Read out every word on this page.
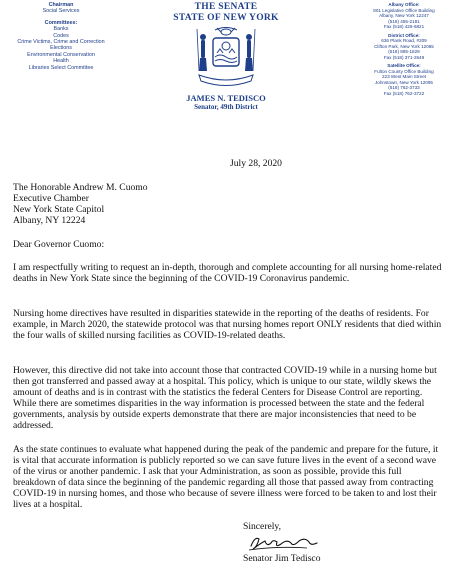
Chairman
Social Services
Committees:
Banks
Codes
Crime Victims, Crime and Correction
Elections
Environmental Conservation
Health
Libraries Select Committee
THE SENATE
STATE OF NEW YORK
JAMES N. TEDISCO
Senator, 49th District
Albany Office:
801 Legislative Office Building
Albany, New York 12247
(518) 455-2181
Fax (518) 426-6821
District Office:
636 Plank Road, #209
Clifton Park, New York 12065
(518) 885-1829
Fax (518) 371-2649
Satellite Office:
Fulton County Office Building
223 West Main Street
Johnstown, New York 12095
(518) 762-3733
Fax (518) 762-3722
July 28, 2020

The Honorable Andrew M. Cuomo

Executive Chamber

New York State Capitol

Albany, NY 12224

Dear Governor Cuomo:
I am respectfully writing to request an in-depth, thorough and complete accounting for all nursing home-related deaths in New York State since the beginning of the COVID-19 Coronavirus pandemic.
Nursing home directives have resulted in disparities statewide in the reporting of the deaths of residents. For example, in March 2020, the statewide protocol was that nursing homes report ONLY residents that died within the four walls of skilled nursing facilities as COVID-19-related deaths.
However, this directive did not take into account those that contracted COVID-19 while in a nursing home but then got transferred and passed away at a hospital. This policy, which is unique to our state, wildly skews the amount of deaths and is in contrast with the statistics the federal Centers for Disease Control are reporting. While there are sometimes disparities in the way information is processed between the state and the federal governments, analysis by outside experts demonstrate that there are major inconsistencies that need to be addressed.
As the state continues to evaluate what happened during the peak of the pandemic and prepare for the future, it is vital that accurate information is publicly reported so we can save future lives in the event of a second wave of the virus or another pandemic. I ask that your Administration, as soon as possible, provide this full breakdown of data since the beginning of the pandemic regarding all those that passed away from contracting COVID-19 in nursing homes, and those who because of severe illness were forced to be taken to and lost their lives at a hospital.
Sincerely,
Senator Jim Tedisco
